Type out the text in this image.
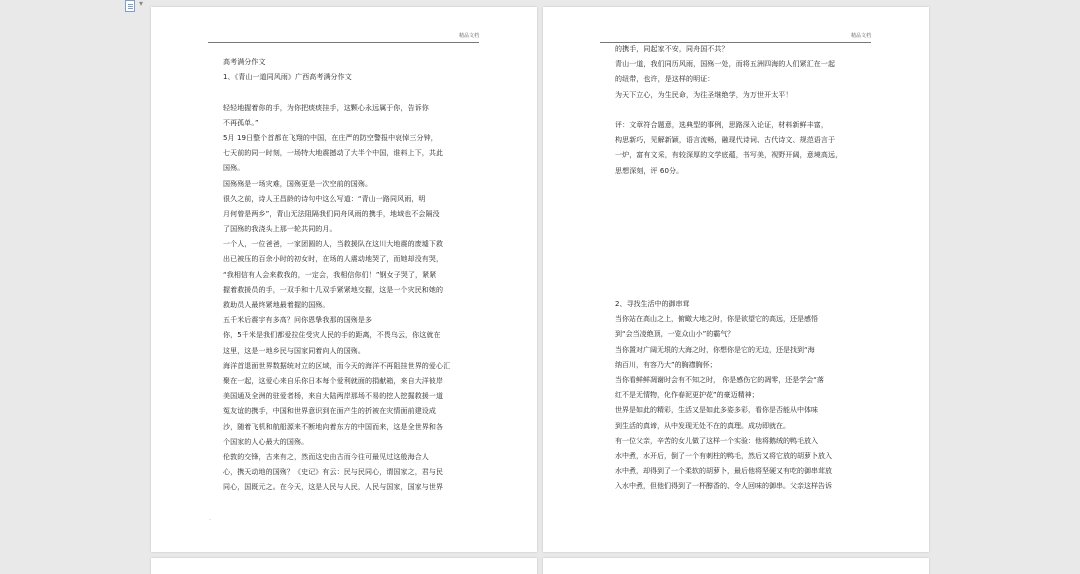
▾
精品文档
高考满分作文
1、《青山一道同风雨》广西高考满分作文
轻轻地握着你的手，为你把痰痰挂手，这颗心永远属于你，告诉你
不再孤单。”
5月 19日整个首都在飞翔的中国，在庄严的防空警报中哀悼三分钟，
七天前的同一时刻，一场特大地震撼动了大半个中国，谁料上下，共此
国殇。
国殇殇是一场灾难，国殇更是一次空前的国殇。
很久之前，诗人王昌龄的诗句中这么写道：“青山一路同风雨，明
月何曾是两乡”，青山无法阻隔我们同舟风雨的携手，地域也不会隔没
了国殇的我浇头上那一轮共同的月。
一个人，一位爸爸，一家团圆的人，当救援队在这川大地震的废墟下救
出已被压的百余小时的初女时，在场的人震动地哭了，而她却没有哭，
“我相信有人会来救我的，一定会，我相信你们！”钢女子哭了，紧紧
握着救援员的手，一双手和十几双手紧紧地交握，这是一个灾民和她的
救助员人最终紧地最着握的国殇。
五千米后震宇有多高？问你恩挚我那的国殇是多
你，5千米是我们都爱拉住受灾人民的手的距离，不畏乌云，你这就在
这里，这是一地乡民与国家同着向人的国殇。
海洋首退面世界数据统对立的区域，而今天的海洋不再阻挂世界的爱心汇
聚在一起，这爱心来自乐你日本每个爱利就面的捐献箱，来自大洋彼岸
美国通及全洲的驻爱者杨，来自大陆两岸那场不易的挖人挖掘救援一道
冤友谊的携手，中国和世界意识到在面产生的折被在灾情面前建设成
沙，随着飞机和航船源来不断地向着东方的中国而来，这是全世界和各
个国家的人心最大的国殇。
伦敦的交锋，古来有之，然而这史由古而今往可最见过这般海合人
心，携天动地的国殇？《史记》有云：民与民同心，谓国家之，君与民
同心，国既元之。在今天，这是人民与人民，人民与国家，国家与世界
·
精品文档
的携手，同起家不安，同舟国不共？
青山一道，我们同历风雨，国殇一处，而将五洲四海的人们紧汇在一起
的纽带，也许，是这样的明证：
为天下立心，为生民命，为往圣继绝学，为万世开太平！
评：文章符合题意，选典型的事例，思路深入论证，材料新鲜丰富，
构思新巧，见解新颖，语言流畅，融现代诗词、古代诗文、规范语言于
一炉，富有文采，有较深厚的文学底蕴，书写美，视野开阔，意境高远，
思想深刻，评 60分。
2、寻找生活中的御串茸
当你站在高山之上，俯瞰大地之时，你是欲望它的高远，还是感悟
到“会当凌绝顶，一览众山小”的霸气？
当你置对广阔无垠的大海之时，你想你是它的无边，还是找到“海
纳百川，有容乃大”的胸襟胸怀；
当你看鲜鲜凋谢时会有不知之时， 你是感伤它的凋零，还是学会“落
红不是无情物，化作春泥更护花”的豪迈精神；
世界是如此的精彩，生活又是如此多姿多彩，看你是否能从中体味
到生活的真谛，从中发现无处不在的真理。成功即就在。
有一位父亲，辛苦的女儿做了这样一个实验：他将鹅绒的鸭毛放入
水中煮，水开后，倒了一个有刺柱的鸭毛，然后又将它放的胡萝卜放入
水中煮，却得到了一个柔软的胡萝卜，最后他将坚硬又有吃的御串茸放
入水中煮，但他们得到了一杯醇香的、令人回味的御串。父亲这样告诉
